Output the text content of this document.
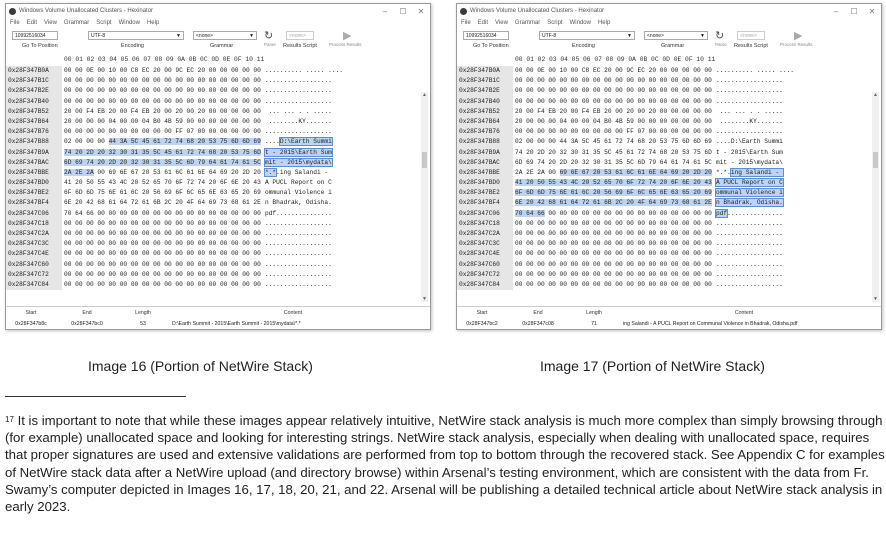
Windows Volume Unallocated Clusters - Hexinator	–	☐	✕
File Edit View Grammar Script Window Help
10992516034
Go To Position
UTF-8	▼
Encoding
<none>	▼
Grammar
↻
Parse
<none>
Results Script
▶
Process Results
00 01 02 03 04 05 06 07 08 09 0A 0B 0C 0D 0E 0F 10 11
0x28F347B0A	00 00 0E 00 10 00 C8 EC 20 00 9C EC 20 00 00 00 00 00 .......... ..... ....
0x28F347B1C	00 00 00 00 00 00 00 00 00 00 00 00 00 00 00 00 00 00 ..................
0x28F347B2E	00 00 00 00 00 00 00 00 00 00 00 00 00 00 00 00 00 00 ..................
0x28F347B40	00 00 00 00 00 00 00 00 00 00 00 00 00 00 00 00 00 00 ..................
0x28F347B52	20 00 F4 EB 20 00 F4 EB 20 00 20 00 20 00 00 00 00 00 ... ... . . .....
0x28F347B64	20 00 00 00 04 00 00 04 B0 4B 59 00 00 00 00 00 00 00 ........KY.......
0x28F347B76	00 00 00 00 00 00 00 00 00 00 FF 07 00 00 00 00 00 00 ..................
0x28F347B88	02 00 00 00 44 3A 5C 45 61 72 74 68 20 53 75 6D 6D 69 ....D:\Earth Summi
0x28F347B9A	74 20 2D 20 32 30 31 35 5C 45 61 72 74 68 20 53 75 6D t - 2015\Earth Sum
0x28F347BAC	6D 69 74 20 2D 20 32 30 31 35 5C 6D 79 64 61 74 61 5C mit - 2015\mydata\
0x28F347BBE	2A 2E 2A 00 69 6E 67 20 53 61 6C 61 6E 64 69 20 2D 20 *.*.ing Salandi -
0x28F347BD0	41 20 50 55 43 4C 20 52 65 70 6F 72 74 20 6F 6E 20 43 A PUCL Report on C
0x28F347BE2	6F 6D 6D 75 6E 61 6C 20 56 69 6F 6C 65 6E 63 65 20 69 ommunal Violence i
0x28F347BF4	6E 20 42 68 61 64 72 61 6B 2C 20 4F 64 69 73 68 61 2E n Bhadrak, Odisha.
0x28F347C06	70 64 66 00 00 00 00 00 00 00 00 00 00 00 00 00 00 00 pdf...............
0x28F347C18	00 00 00 00 00 00 00 00 00 00 00 00 00 00 00 00 00 00 ..................
0x28F347C2A	00 00 00 00 00 00 00 00 00 00 00 00 00 00 00 00 00 00 ..................
0x28F347C3C	00 00 00 00 00 00 00 00 00 00 00 00 00 00 00 00 00 00 ..................
0x28F347C4E	00 00 00 00 00 00 00 00 00 00 00 00 00 00 00 00 00 00 ..................
0x28F347C60	00 00 00 00 00 00 00 00 00 00 00 00 00 00 00 00 00 00 ..................
0x28F347C72	00 00 00 00 00 00 00 00 00 00 00 00 00 00 00 00 00 00 ..................
0x28F347C84	00 00 00 00 00 00 00 00 00 00 00 00 00 00 00 00 00 00 ..................
▲
▼
Start	End	Length	Content
0x28F347b8c	0x28F347bc0	53	D:\Earth Summit - 2015\Earth Summit - 2015\mydata\*.*
Windows Volume Unallocated Clusters - Hexinator	–	☐	✕
File Edit View Grammar Script Window Help
10992516034
Go To Position
UTF-8	▼
Encoding
<none>	▼
Grammar
↻
Parse
<none>
Results Script
▶
Process Results
00 01 02 03 04 05 06 07 08 09 0A 0B 0C 0D 0E 0F 10 11
0x28F347B0A	00 00 0E 00 10 00 C8 EC 20 00 9C EC 20 00 00 00 00 00 .......... ..... ....
0x28F347B1C	00 00 00 00 00 00 00 00 00 00 00 00 00 00 00 00 00 00 ..................
0x28F347B2E	00 00 00 00 00 00 00 00 00 00 00 00 00 00 00 00 00 00 ..................
0x28F347B40	00 00 00 00 00 00 00 00 00 00 00 00 00 00 00 00 00 00 ..................
0x28F347B52	20 00 F4 EB 20 00 F4 EB 20 00 20 00 20 00 00 00 00 00 ... ... . . .....
0x28F347B64	20 00 00 00 04 00 00 04 B0 4B 59 00 00 00 00 00 00 00 ........KY.......
0x28F347B76	00 00 00 00 00 00 00 00 00 00 FF 07 00 00 00 00 00 00 ..................
0x28F347B88	02 00 00 00 44 3A 5C 45 61 72 74 68 20 53 75 6D 6D 69 ....D:\Earth Summi
0x28F347B9A	74 20 2D 20 32 30 31 35 5C 45 61 72 74 68 20 53 75 6D t - 2015\Earth Sum
0x28F347BAC	6D 69 74 20 2D 20 32 30 31 35 5C 6D 79 64 61 74 61 5C mit - 2015\mydata\
0x28F347BBE	2A 2E 2A 00 69 6E 67 20 53 61 6C 61 6E 64 69 20 2D 20 *.*.ing Salandi -
0x28F347BD0	41 20 50 55 43 4C 20 52 65 70 6F 72 74 20 6F 6E 20 43 A PUCL Report on C
0x28F347BE2	6F 6D 6D 75 6E 61 6C 20 56 69 6F 6C 65 6E 63 65 20 69 ommunal Violence i
0x28F347BF4	6E 20 42 68 61 64 72 61 6B 2C 20 4F 64 69 73 68 61 2E n Bhadrak, Odisha.
0x28F347C06	70 64 66 00 00 00 00 00 00 00 00 00 00 00 00 00 00 00 pdf...............
0x28F347C18	00 00 00 00 00 00 00 00 00 00 00 00 00 00 00 00 00 00 ..................
0x28F347C2A	00 00 00 00 00 00 00 00 00 00 00 00 00 00 00 00 00 00 ..................
0x28F347C3C	00 00 00 00 00 00 00 00 00 00 00 00 00 00 00 00 00 00 ..................
0x28F347C4E	00 00 00 00 00 00 00 00 00 00 00 00 00 00 00 00 00 00 ..................
0x28F347C60	00 00 00 00 00 00 00 00 00 00 00 00 00 00 00 00 00 00 ..................
0x28F347C72	00 00 00 00 00 00 00 00 00 00 00 00 00 00 00 00 00 00 ..................
0x28F347C84	00 00 00 00 00 00 00 00 00 00 00 00 00 00 00 00 00 00 ..................
▲
▼
Start	End	Length	Content
0x28F347bc2	0x28F347c08	71	ing Salandi - A PUCL Report on Communal Violence in Bhadrak, Odisha.pdf
Image 16 (Portion of NetWire Stack)	Image 17 (Portion of NetWire Stack)
$^{17}$ It is important to note that while these images appear relatively intuitive, NetWire stack analysis is much more complex than simply browsing through (for example) unallocated space and looking for interesting strings. NetWire stack analysis, especially when dealing with unallocated space, requires that proper signatures are used and extensive validations are performed from top to bottom through the recovered stack. See Appendix C for examples of NetWire stack data after a NetWire upload (and directory browse) within Arsenal’s testing environment, which are consistent with the data from Fr. Swamy’s computer depicted in Images 16, 17, 18, 20, 21, and 22. Arsenal will be publishing a detailed technical article about NetWire stack analysis in early 2023.
